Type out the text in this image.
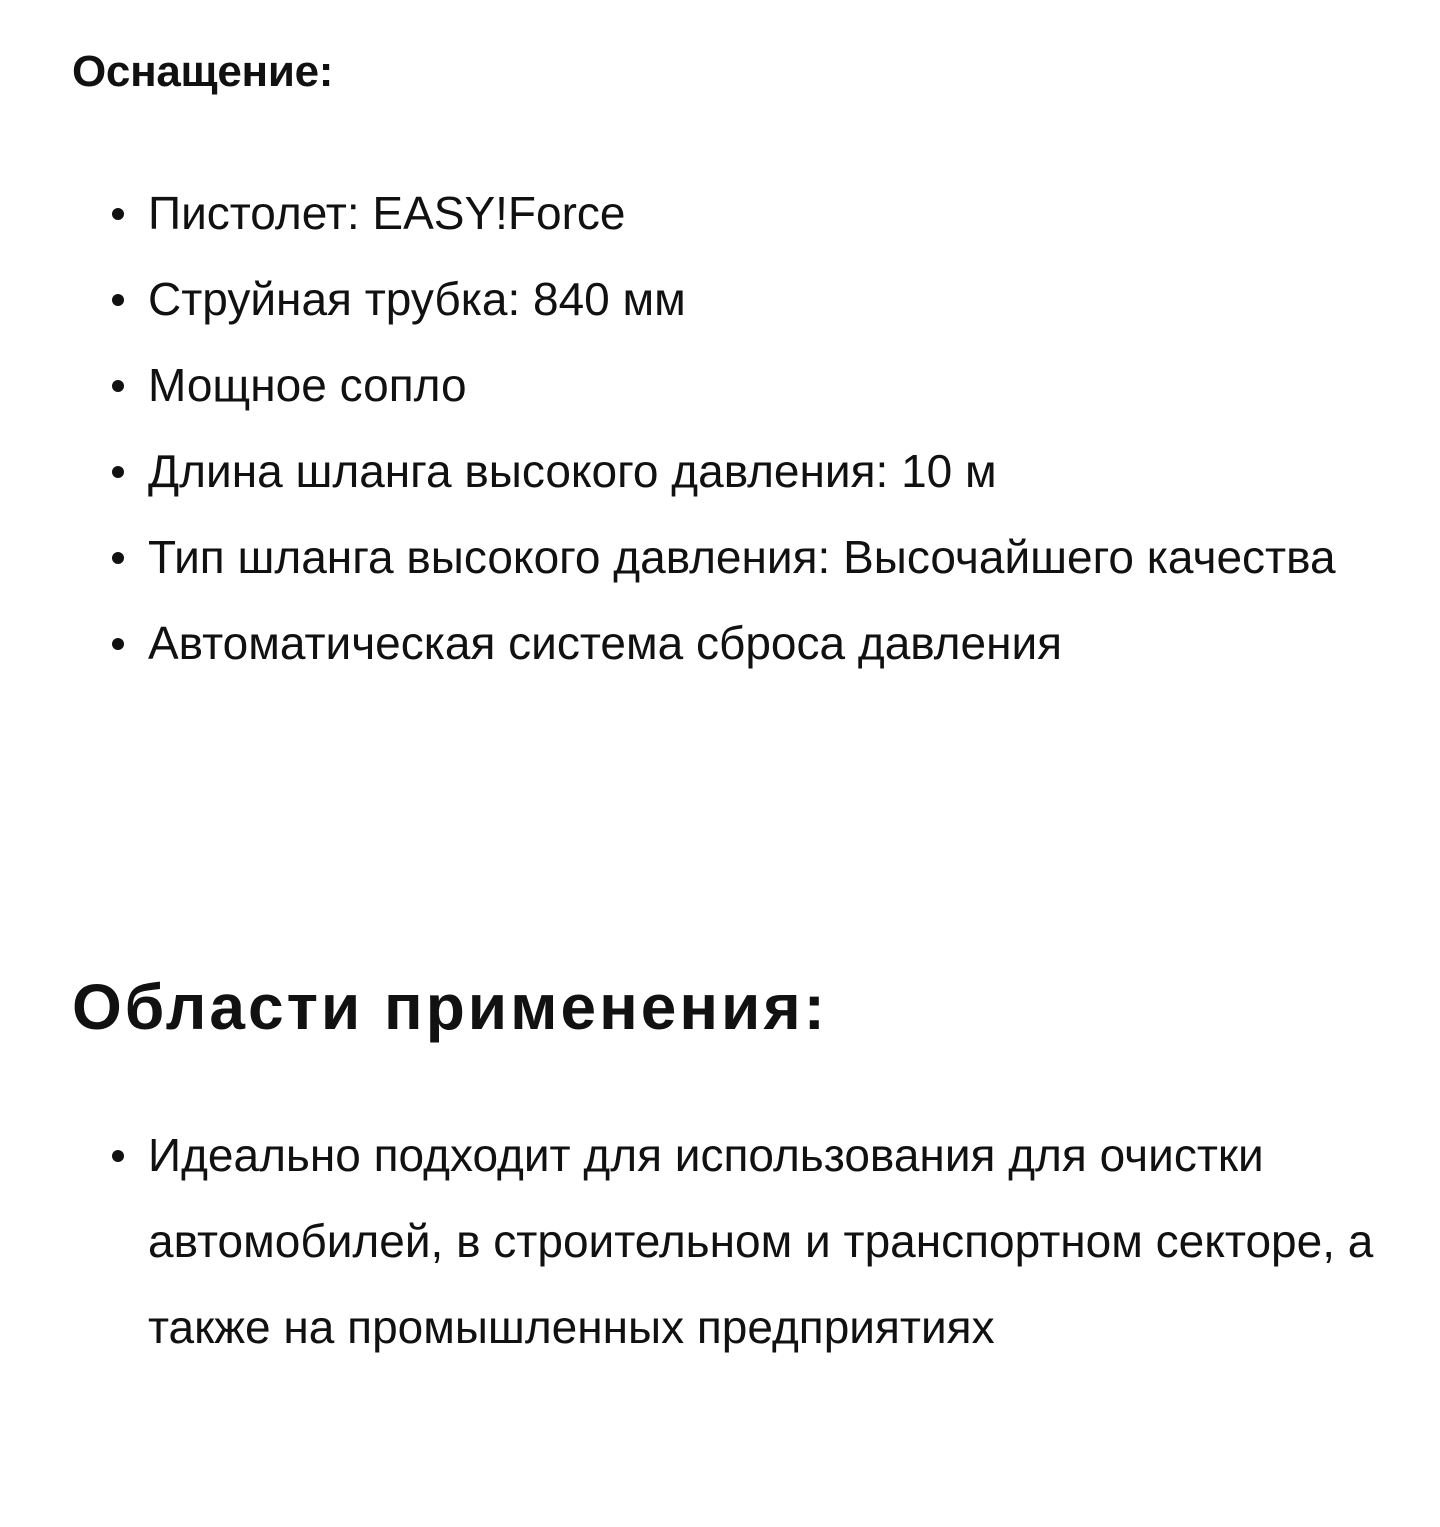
Оснащение:
Пистолет: EASY!Force
Струйная трубка: 840 мм
Мощное сопло
Длина шланга высокого давления: 10 м
Тип шланга высокого давления: Высочайшего качества
Автоматическая система сброса давления
Области применения:
Идеально подходит для использования для очистки автомобилей, в строительном и транспортном секторе, а также на промышленных предприятиях
